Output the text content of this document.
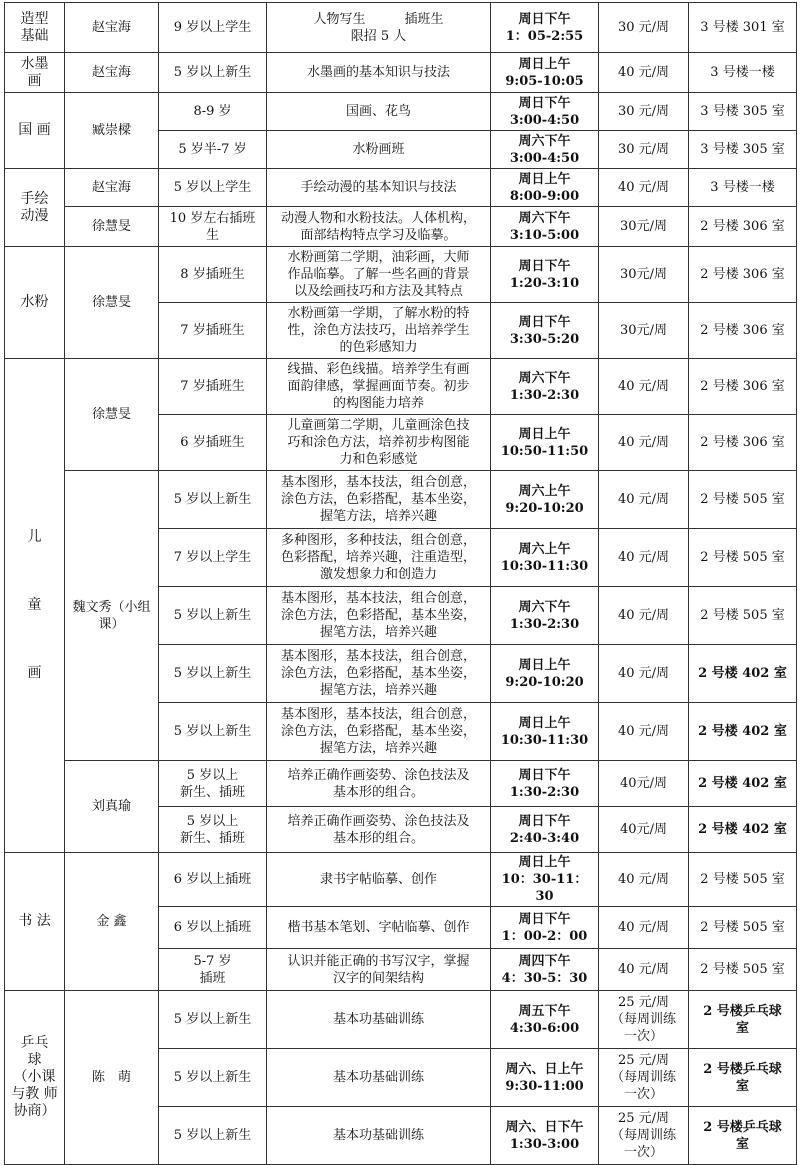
造型
基础	赵宝海	9 岁以上学生	人物写生　　　插班生
限招 5 人	周日下午
1：05-2:55	30 元/周	3 号楼 301 室
水墨
画	赵宝海	5 岁以上新生	水墨画的基本知识与技法	周日上午
9:05-10:05	40 元/周	3 号楼一楼
国 画	臧崇樑	8-9 岁	国画、花鸟	周日下午
3:00-4:50	30 元/周	3 号楼 305 室
		5 岁半-7 岁	水粉画班	周六下午
3:00-4:50	30 元/周	3 号楼 305 室
手绘
动漫	赵宝海	5 岁以上学生	手绘动漫的基本知识与技法	周日上午
8:00-9:00	40 元/周	3 号楼一楼
	徐慧旻	10 岁左右插班
生	动漫人物和水粉技法。人体机构，
面部结构特点学习及临摹。	周六下午
3:10-5:00	30元/周	2 号楼 306 室
水粉	徐慧旻	8 岁插班生	水粉画第二学期，油彩画，大师
作品临摹。了解一些名画的背景
以及绘画技巧和方法及其特点	周日下午
1:20-3:10	30元/周	2 号楼 306 室
		7 岁插班生	水粉画第一学期，了解水粉的特
性，涂色方法技巧，出培养学生
的色彩感知力	周日下午
3:30-5:20	30元/周	2 号楼 306 室
儿

童

画	徐慧旻	7 岁插班生	线描、彩色线描。培养学生有画
面韵律感，掌握画面节奏。初步
的构图能力培养	周六下午
1:30-2:30	40 元/周	2 号楼 306 室
		6 岁插班生	儿童画第二学期，儿童画涂色技
巧和涂色方法，培养初步构图能
力和色彩感觉	周日上午
10:50-11:50	40 元/周	2 号楼 306 室
	魏文秀（小组
课）	5 岁以上新生	基本图形，基本技法，组合创意，
涂色方法，色彩搭配，基本坐姿，
握笔方法，培养兴趣	周六上午
9:20-10:20	40 元/周	2 号楼 505 室
		7 岁以上学生	多种图形，多种技法，组合创意，
色彩搭配，培养兴趣，注重造型，
激发想象力和创造力	周六上午
10:30-11:30	40 元/周	2 号楼 505 室
		5 岁以上新生	基本图形，基本技法，组合创意，
涂色方法，色彩搭配，基本坐姿，
握笔方法，培养兴趣	周六下午
1:30-2:30	40 元/周	2 号楼 505 室
		5 岁以上新生	基本图形，基本技法，组合创意，
涂色方法，色彩搭配，基本坐姿，
握笔方法，培养兴趣	周日上午
9:20-10:20	40 元/周	2 号楼 402 室
		5 岁以上新生	基本图形，基本技法，组合创意，
涂色方法，色彩搭配，基本坐姿，
握笔方法，培养兴趣	周日上午
10:30-11:30	40 元/周	2 号楼 402 室
	刘真瑜	5 岁以上
新生、插班	培养正确作画姿势、涂色技法及
基本形的组合。	周日下午
1:30-2:30	40元/周	2 号楼 402 室
		5 岁以上
新生、插班	培养正确作画姿势、涂色技法及
基本形的组合。	周日下午
2:40-3:40	40元/周	2 号楼 402 室
书 法	金 鑫	6 岁以上插班	隶书字帖临摹、创作	周日上午
10：30-11：30	40 元/周	2 号楼 505 室
		6 岁以上插班	楷书基本笔划、字帖临摹、创作	周日下午
1：00-2：00	40 元/周	2 号楼 505 室
		5-7 岁
插班	认识并能正确的书写汉字，掌握
汉字的间架结构	周四下午
4：30-5：30	40 元/周	2 号楼 505 室
乒乓
球
（小课
与教 师
协商）	陈　萌	5 岁以上新生	基本功基础训练	周五下午
4:30-6:00	25 元/周
（每周训练
一次）	2 号楼乒乓球
室
		5 岁以上新生	基本功基础训练	周六、日上午
9:30-11:00	25 元/周
（每周训练
一次）	2 号楼乒乓球
室
		5 岁以上新生	基本功基础训练	周六、日下午
1:30-3:00	25 元/周
（每周训练
一次）	2 号楼乒乓球
室
